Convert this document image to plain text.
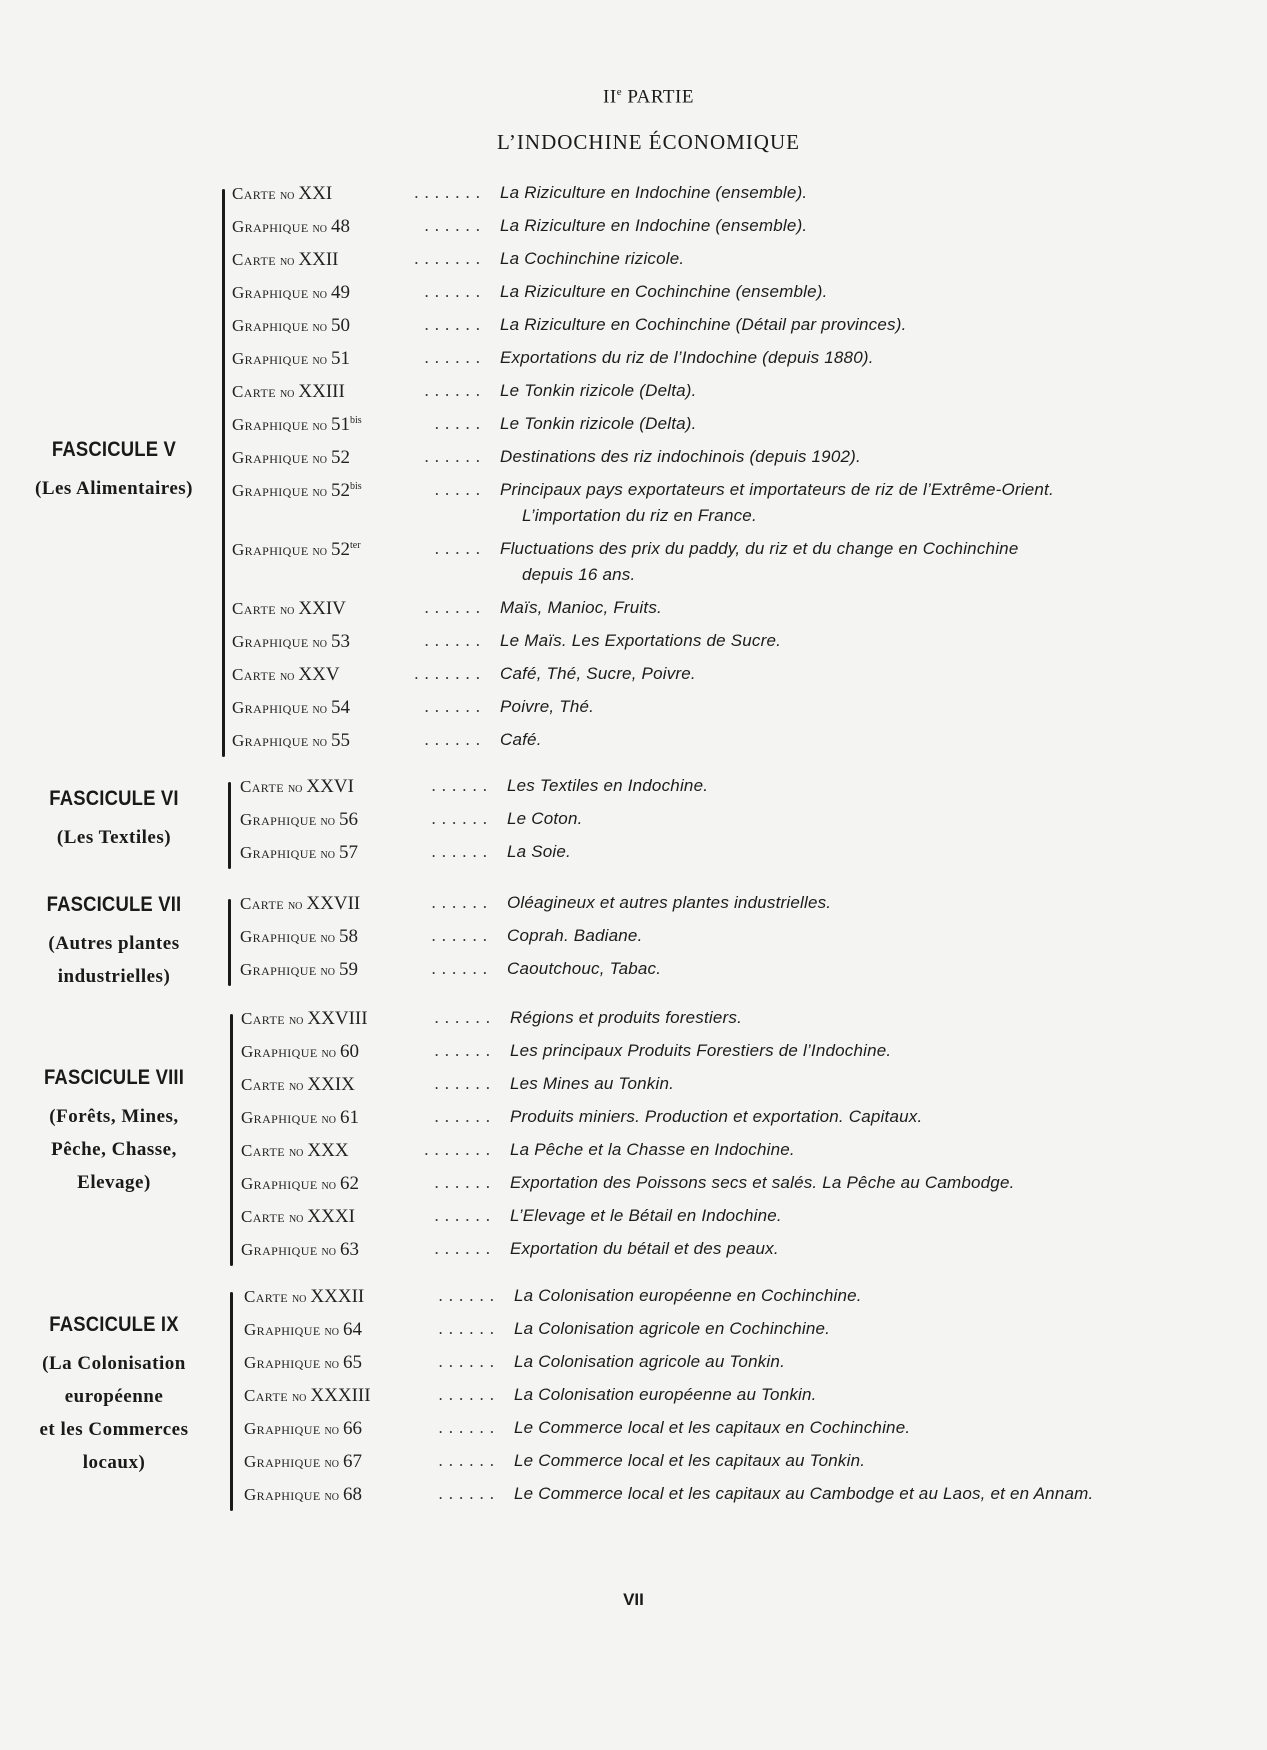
IIe PARTIE
L’INDOCHINE ÉCONOMIQUE
FASCICULE V
(Les Alimentaires)
Carte no XXI	....... La Riziculture en Indochine (ensemble).
Graphique no 48	...... La Riziculture en Indochine (ensemble).
Carte no XXII	....... La Cochinchine rizicole.
Graphique no 49	...... La Riziculture en Cochinchine (ensemble).
Graphique no 50	...... La Riziculture en Cochinchine (Détail par provinces).
Graphique no 51	...... Exportations du riz de l’Indochine (depuis 1880).
Carte no XXIII	...... Le Tonkin rizicole (Delta).
Graphique no $51^{bis}$	..... Le Tonkin rizicole (Delta).
Graphique no 52	...... Destinations des riz indochinois (depuis 1902).
Graphique no $52^{bis}$	..... Principaux pays exportateurs et importateurs de riz de l’Extrême-Orient.
L’importation du riz en France.
Graphique no $52^{ter}$	..... Fluctuations des prix du paddy, du riz et du change en Cochinchine
depuis 16 ans.
Carte no XXIV	...... Maïs, Manioc, Fruits.
Graphique no 53	...... Le Maïs. Les Exportations de Sucre.
Carte no XXV	....... Café, Thé, Sucre, Poivre.
Graphique no 54	...... Poivre, Thé.
Graphique no 55	...... Café.
FASCICULE VI
(Les Textiles)
Carte no XXVI	...... Les Textiles en Indochine.
Graphique no 56	...... Le Coton.
Graphique no 57	...... La Soie.
FASCICULE VII
(Autres plantes
industrielles)
Carte no XXVII	...... Oléagineux et autres plantes industrielles.
Graphique no 58	...... Coprah. Badiane.
Graphique no 59	...... Caoutchouc, Tabac.
FASCICULE VIII
(Forêts, Mines,
Pêche, Chasse,
Elevage)
Carte no XXVIII	...... Régions et produits forestiers.
Graphique no 60	...... Les principaux Produits Forestiers de l’Indochine.
Carte no XXIX	...... Les Mines au Tonkin.
Graphique no 61	...... Produits miniers. Production et exportation. Capitaux.
Carte no XXX	....... La Pêche et la Chasse en Indochine.
Graphique no 62	...... Exportation des Poissons secs et salés. La Pêche au Cambodge.
Carte no XXXI	...... L’Elevage et le Bétail en Indochine.
Graphique no 63	...... Exportation du bétail et des peaux.
FASCICULE IX
(La Colonisation
européenne
et les Commerces
locaux)
Carte no XXXII	...... La Colonisation européenne en Cochinchine.
Graphique no 64	...... La Colonisation agricole en Cochinchine.
Graphique no 65	...... La Colonisation agricole au Tonkin.
Carte no XXXIII	...... La Colonisation européenne au Tonkin.
Graphique no 66	...... Le Commerce local et les capitaux en Cochinchine.
Graphique no 67	...... Le Commerce local et les capitaux au Tonkin.
Graphique no 68	...... Le Commerce local et les capitaux au Cambodge et au Laos, et en Annam.
VII
